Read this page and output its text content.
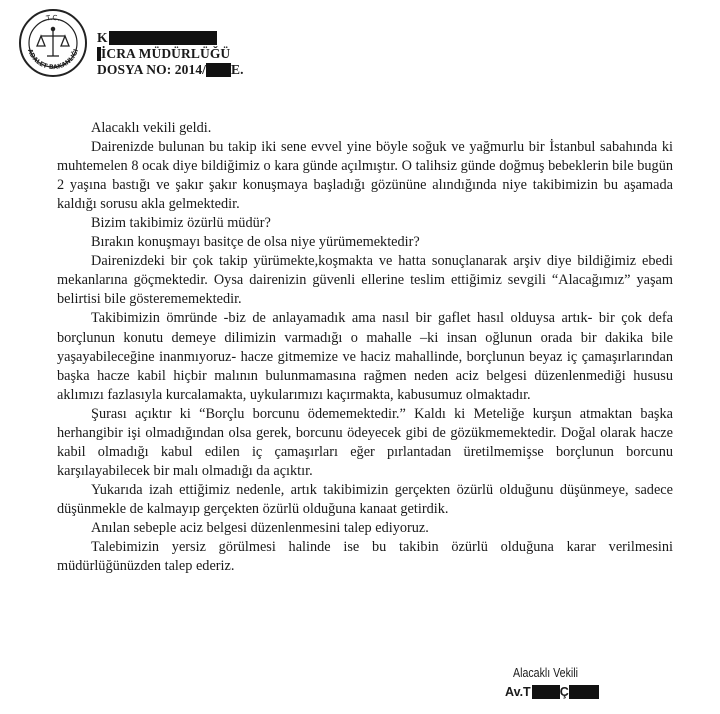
T.C.
ADALET BAKANLIĞI
K
İCRA MÜDÜRLÜĞÜ
DOSYA NO: 2014/ E.

Alacaklı vekili geldi.

Dairenizde bulunan bu takip iki sene evvel yine böyle soğuk ve yağmurlu bir İstanbul sabahında ki muhtemelen 8 ocak diye bildiğimiz o kara günde açılmıştır. O talihsiz günde doğmuş bebeklerin bile bugün 2 yaşına bastığı ve şakır şakır konuşmaya başladığı gözününe alındığında niye takibimizin bu aşamada kaldığı sorusu akla gelmektedir.

Bizim takibimiz özürlü müdür?

Bırakın konuşmayı basitçe de olsa niye yürümemektedir?

Dairenizdeki bir çok takip yürümekte,koşmakta ve hatta sonuçlanarak arşiv diye bildiğimiz ebedi mekanlarına göçmektedir. Oysa dairenizin güvenli ellerine teslim ettiğimiz sevgili “Alacağımız” yaşam belirtisi bile gösterememektedir.

Takibimizin ömründe -biz de anlayamadık ama nasıl bir gaflet hasıl olduysa artık- bir çok defa borçlunun konutu demeye dilimizin varmadığı o mahalle –ki insan oğlunun orada bir dakika bile yaşayabileceğine inanmıyoruz- hacze gitmemize ve haciz mahallinde, borçlunun beyaz iç çamaşırlarından başka hacze kabil hiçbir malının bulunmamasına rağmen neden aciz belgesi düzenlenmediği hususu aklımızı fazlasıyla kurcalamakta, uykularımızı kaçırmakta, kabusumuz olmaktadır.

Şurası açıktır ki “Borçlu borcunu ödememektedir.” Kaldı ki Meteliğe kurşun atmaktan başka herhangibir işi olmadığından olsa gerek, borcunu ödeyecek gibi de gözükmemektedir. Doğal olarak hacze kabil olmadığı kabul edilen iç çamaşırları eğer pırlantadan üretilmemişse borçlunun borcunu karşılayabilecek bir malı olmadığı da açıktır.

Yukarıda izah ettiğimiz nedenle, artık takibimizin gerçekten özürlü olduğunu düşünmeye, sadece düşünmekle de kalmayıp gerçekten özürlü olduğuna kanaat getirdik.

Anılan sebeple aciz belgesi düzenlenmesini talep ediyoruz.

Talebimizin yersiz görülmesi halinde ise bu takibin özürlü olduğuna karar verilmesini müdürlüğünüzden talep ederiz.

Alacaklı Vekili
Av.T Ç
